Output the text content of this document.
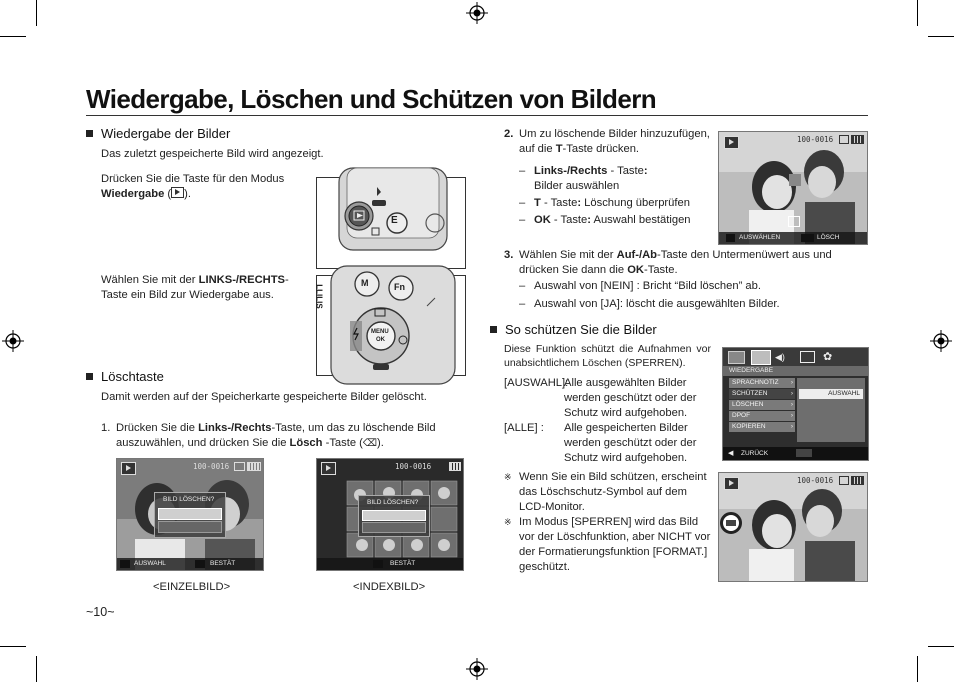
Wiedergabe, Löschen und Schützen von Bildern
Wiedergabe der Bilder
Das zuletzt gespeicherte Bild wird angezeigt.
Drücken Sie die Taste für den Modus
Wiedergabe ( ).
Wählen Sie mit der LINKS-/RECHTS-Taste ein Bild zur Wiedergabe aus.
E
M	Fn
MENU
OK
LLILIS
Löschtaste
Damit werden auf der Speicherkarte gespeicherte Bilder gelöscht.
1. Drücken Sie die Links-/Rechts-Taste, um das zu löschende Bild auszuwählen, und drücken Sie die Lösch -Taste (⌫).
100-0016
BILD LÖSCHEN?
AUSWAHL	BESTÄT
<EINZELBILD>
100-0016
BILD LÖSCHEN?
BESTÄT
<INDEXBILD>
~10~
2. Um zu löschende Bilder hinzuzufügen, auf die T-Taste drücken.
– Links-/Rechts - Taste:
Bilder auswählen
– T - Taste: Löschung überprüfen
– OK - Taste: Auswahl bestätigen
100-0016
AUSWÄHLEN	LÖSCH
3. Wählen Sie mit der Auf-/Ab-Taste den Untermenüwert aus und drücken Sie dann die OK-Taste.
– Auswahl von [NEIN] : Bricht “Bild löschen” ab.
– Auswahl von [JA]: löscht die ausgewählten Bilder.
So schützen Sie die Bilder
Diese Funktion schützt die Aufnahmen vor unabsichtlichem Löschen (SPERREN).
[AUSWAHL]:
Alle ausgewählten Bilder werden geschützt oder der Schutz wird aufgehoben.
[ALLE] : Alle gespeicherten Bilder werden geschützt oder der Schutz wird aufgehoben.
※ Wenn Sie ein Bild schützen, erscheint das Löschschutz-Symbol auf dem LCD-Monitor.
※ Im Modus [SPERREN] wird das Bild vor der Löschfunktion, aber NICHT vor der Formatierungsfunktion [FORMAT.] geschützt.
◀)	✿
WIEDERGABE
SPRACHNOTIZ ›
SCHÜTZEN	›
LÖSCHEN	›
DPOF	›
KOPIEREN	›
AUSWAHL
◀ ZURÜCK
100-0016
